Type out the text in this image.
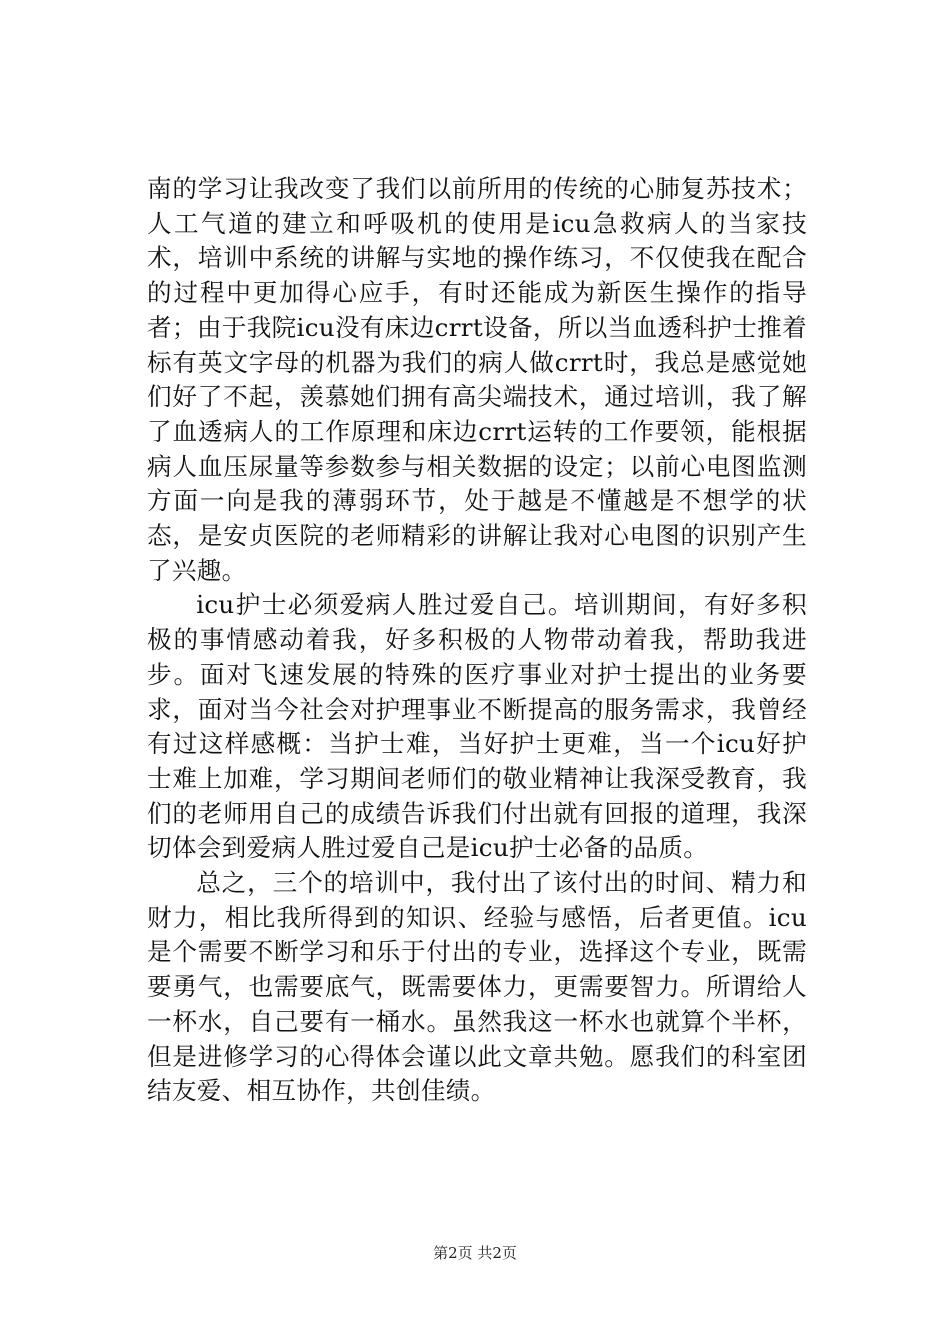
南的学习让我改变了我们以前所用的传统的心肺复苏技术；人工气道的建立和呼吸机的使用是icu急救病人的当家技术，培训中系统的讲解与实地的操作练习，不仅使我在配合的过程中更加得心应手，有时还能成为新医生操作的指导者；由于我院icu没有床边crrt设备，所以当血透科护士推着标有英文字母的机器为我们的病人做crrt时，我总是感觉她们好了不起，羡慕她们拥有高尖端技术，通过培训，我了解了血透病人的工作原理和床边crrt运转的工作要领，能根据病人血压尿量等参数参与相关数据的设定；以前心电图监测方面一向是我的薄弱环节，处于越是不懂越是不想学的状态，是安贞医院的老师精彩的讲解让我对心电图的识别产生了兴趣。

icu护士必须爱病人胜过爱自己。培训期间，有好多积极的事情感动着我，好多积极的人物带动着我，帮助我进步。面对飞速发展的特殊的医疗事业对护士提出的业务要求，面对当今社会对护理事业不断提高的服务需求，我曾经有过这样感概：当护士难，当好护士更难，当一个icu好护士难上加难，学习期间老师们的敬业精神让我深受教育，我们的老师用自己的成绩告诉我们付出就有回报的道理，我深切体会到爱病人胜过爱自己是icu护士必备的品质。

总之，三个的培训中，我付出了该付出的时间、精力和财力，相比我所得到的知识、经验与感悟，后者更值。icu是个需要不断学习和乐于付出的专业，选择这个专业，既需要勇气，也需要底气，既需要体力，更需要智力。所谓给人一杯水，自己要有一桶水。虽然我这一杯水也就算个半杯，但是进修学习的心得体会谨以此文章共勉。愿我们的科室团结友爱、相互协作，共创佳绩。

第2页 共2页
